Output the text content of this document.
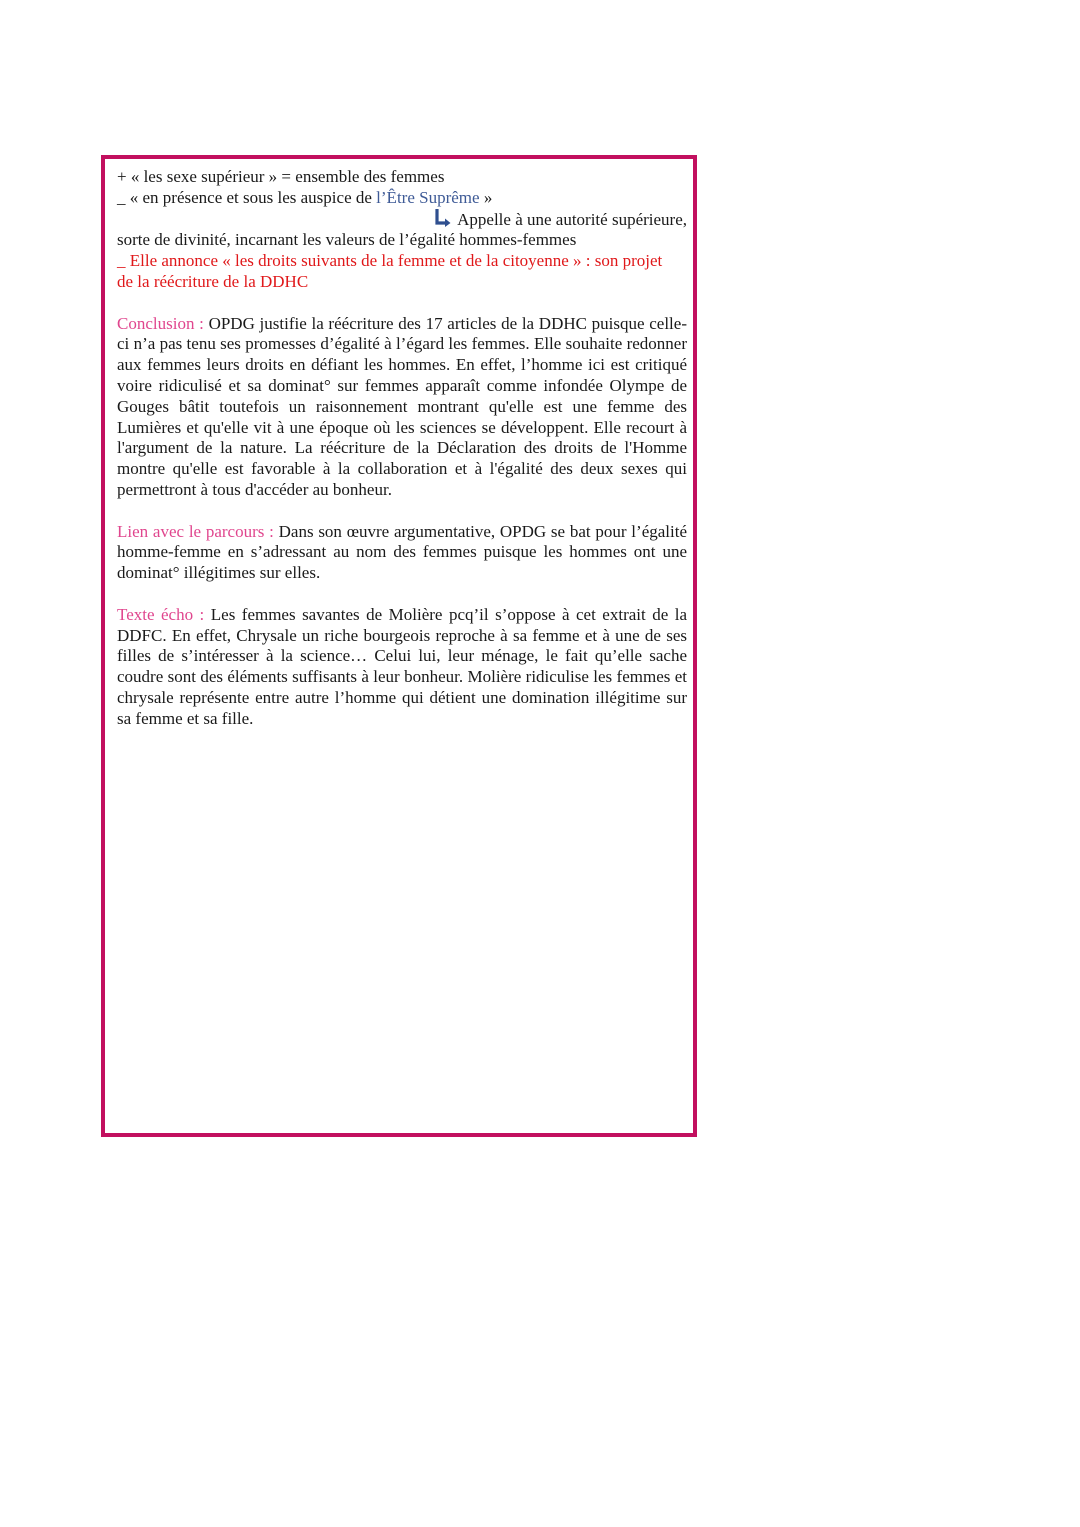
+ « les sexe supérieur » = ensemble des femmes
_ « en présence et sous les auspice de l’Être Suprême »
Appelle à une autorité supérieure,
sorte de divinité, incarnant les valeurs de l’égalité hommes-femmes
_ Elle annonce « les droits suivants de la femme et de la citoyenne » : son projet
de la réécriture de la DDHC
Conclusion : OPDG justifie la réécriture des 17 articles de la DDHC puisque celle-ci n’a pas tenu ses promesses d’égalité à l’égard les femmes. Elle souhaite redonner aux femmes leurs droits en défiant les hommes. En effet, l’homme ici est critiqué voire ridiculisé et sa dominat° sur femmes apparaît comme infondée Olympe de Gouges bâtit toutefois un raisonnement montrant qu'elle est une femme des Lumières et qu'elle vit à une époque où les sciences se développent. Elle recourt à l'argument de la nature. La réécriture de la Déclaration des droits de l'Homme montre qu'elle est favorable à la collaboration et à l'égalité des deux sexes qui permettront à tous d'accéder au bonheur.
Lien avec le parcours : Dans son œuvre argumentative, OPDG se bat pour l’égalité homme-femme en s’adressant au nom des femmes puisque les hommes ont une dominat° illégitimes sur elles.
Texte écho : Les femmes savantes de Molière pcq’il s’oppose à cet extrait de la DDFC. En effet, Chrysale un riche bourgeois reproche à sa femme et à une de ses filles de s’intéresser à la science… Celui lui, leur ménage, le fait qu’elle sache coudre sont des éléments suffisants à leur bonheur. Molière ridiculise les femmes et chrysale représente entre autre l’homme qui détient une domination illégitime sur sa femme et sa fille.
